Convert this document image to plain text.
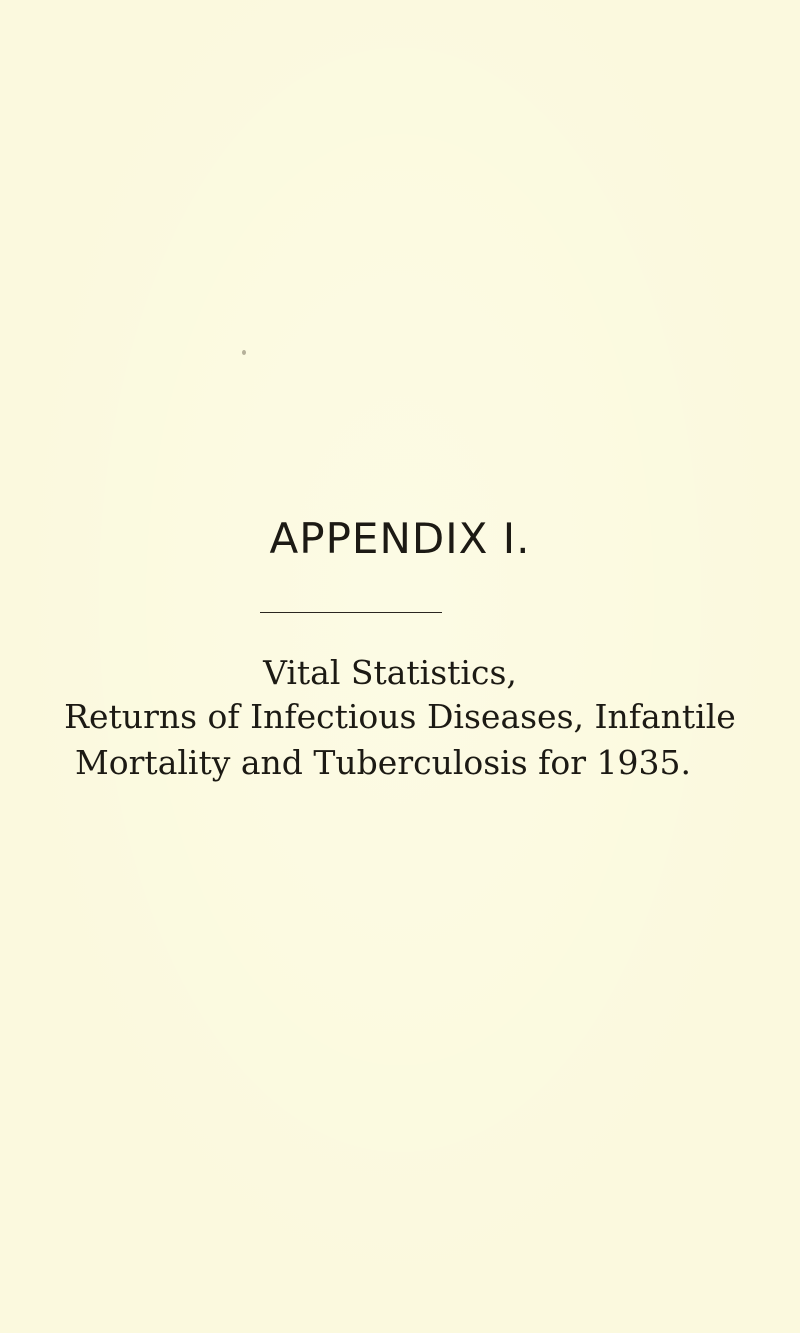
APPENDIX I.

Vital Statistics,

Returns of Infectious Diseases, Infantile

Mortality and Tuberculosis for 1935.
